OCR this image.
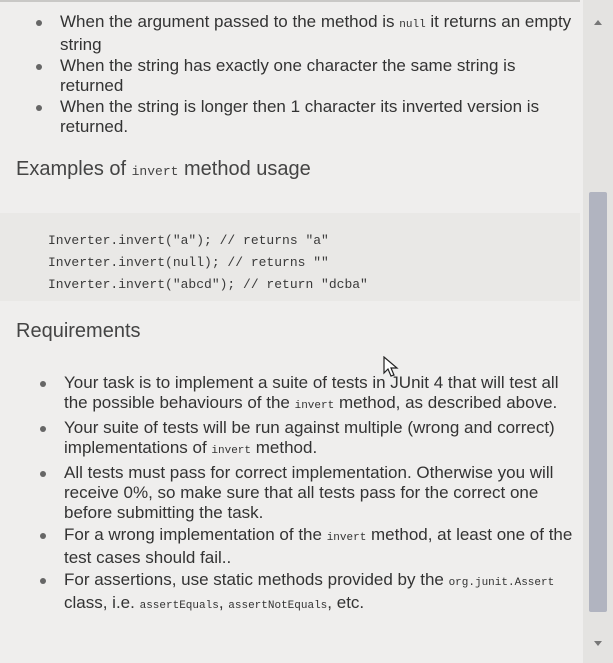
When the argument passed to the method is null it returns an empty string
When the string has exactly one character the same string is returned
When the string is longer then 1 character its inverted version is returned.
Examples of invert method usage
Inverter.invert("a"); // returns "a"
Inverter.invert(null); // returns ""
Inverter.invert("abcd"); // return "dcba"
Requirements
Your task is to implement a suite of tests in JUnit 4 that will test all the possible behaviours of the invert method, as described above.
Your suite of tests will be run against multiple (wrong and correct) implementations of invert method.
All tests must pass for correct implementation. Otherwise you will receive 0%, so make sure that all tests pass for the correct one before submitting the task.
For a wrong implementation of the invert method, at least one of the test cases should fail..
For assertions, use static methods provided by the org.junit.Assert class, i.e. assertEquals, assertNotEquals, etc.
